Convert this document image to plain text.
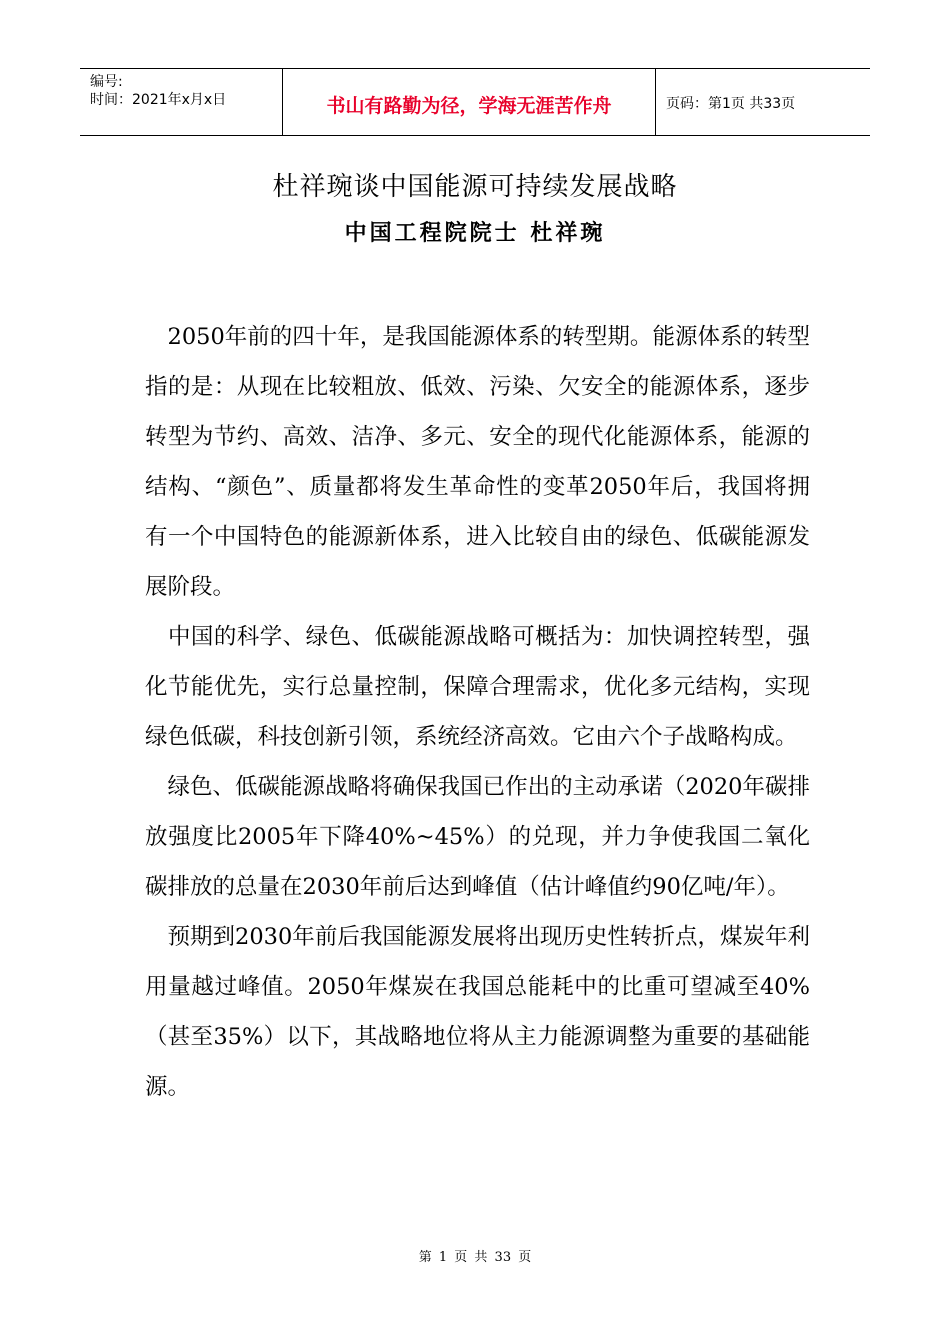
编号:
时间：2021年x月x日	书山有路勤为径，学海无涯苦作舟	页码：第1页 共33页
杜祥琬谈中国能源可持续发展战略
中国工程院院士 杜祥琬

　2050年前的四十年，是我国能源体系的转型期。能源体系的转型指的是：从现在比较粗放、低效、污染、欠安全的能源体系，逐步转型为节约、高效、洁净、多元、安全的现代化能源体系，能源的结构、“颜色”、质量都将发生革命性的变革2050年后，我国将拥有一个中国特色的能源新体系，进入比较自由的绿色、低碳能源发展阶段。

　中国的科学、绿色、低碳能源战略可概括为：加快调控转型，强化节能优先，实行总量控制，保障合理需求，优化多元结构，实现绿色低碳，科技创新引领，系统经济高效。它由六个子战略构成。

　绿色、低碳能源战略将确保我国已作出的主动承诺（2020年碳排放强度比2005年下降40%~45%）的兑现，并力争使我国二氧化碳排放的总量在2030年前后达到峰值（估计峰值约90亿吨/年）。

　预期到2030年前后我国能源发展将出现历史性转折点，煤炭年利用量越过峰值。2050年煤炭在我国总能耗中的比重可望减至40%（甚至35%）以下，其战略地位将从主力能源调整为重要的基础能源。

第 1 页 共 33 页
